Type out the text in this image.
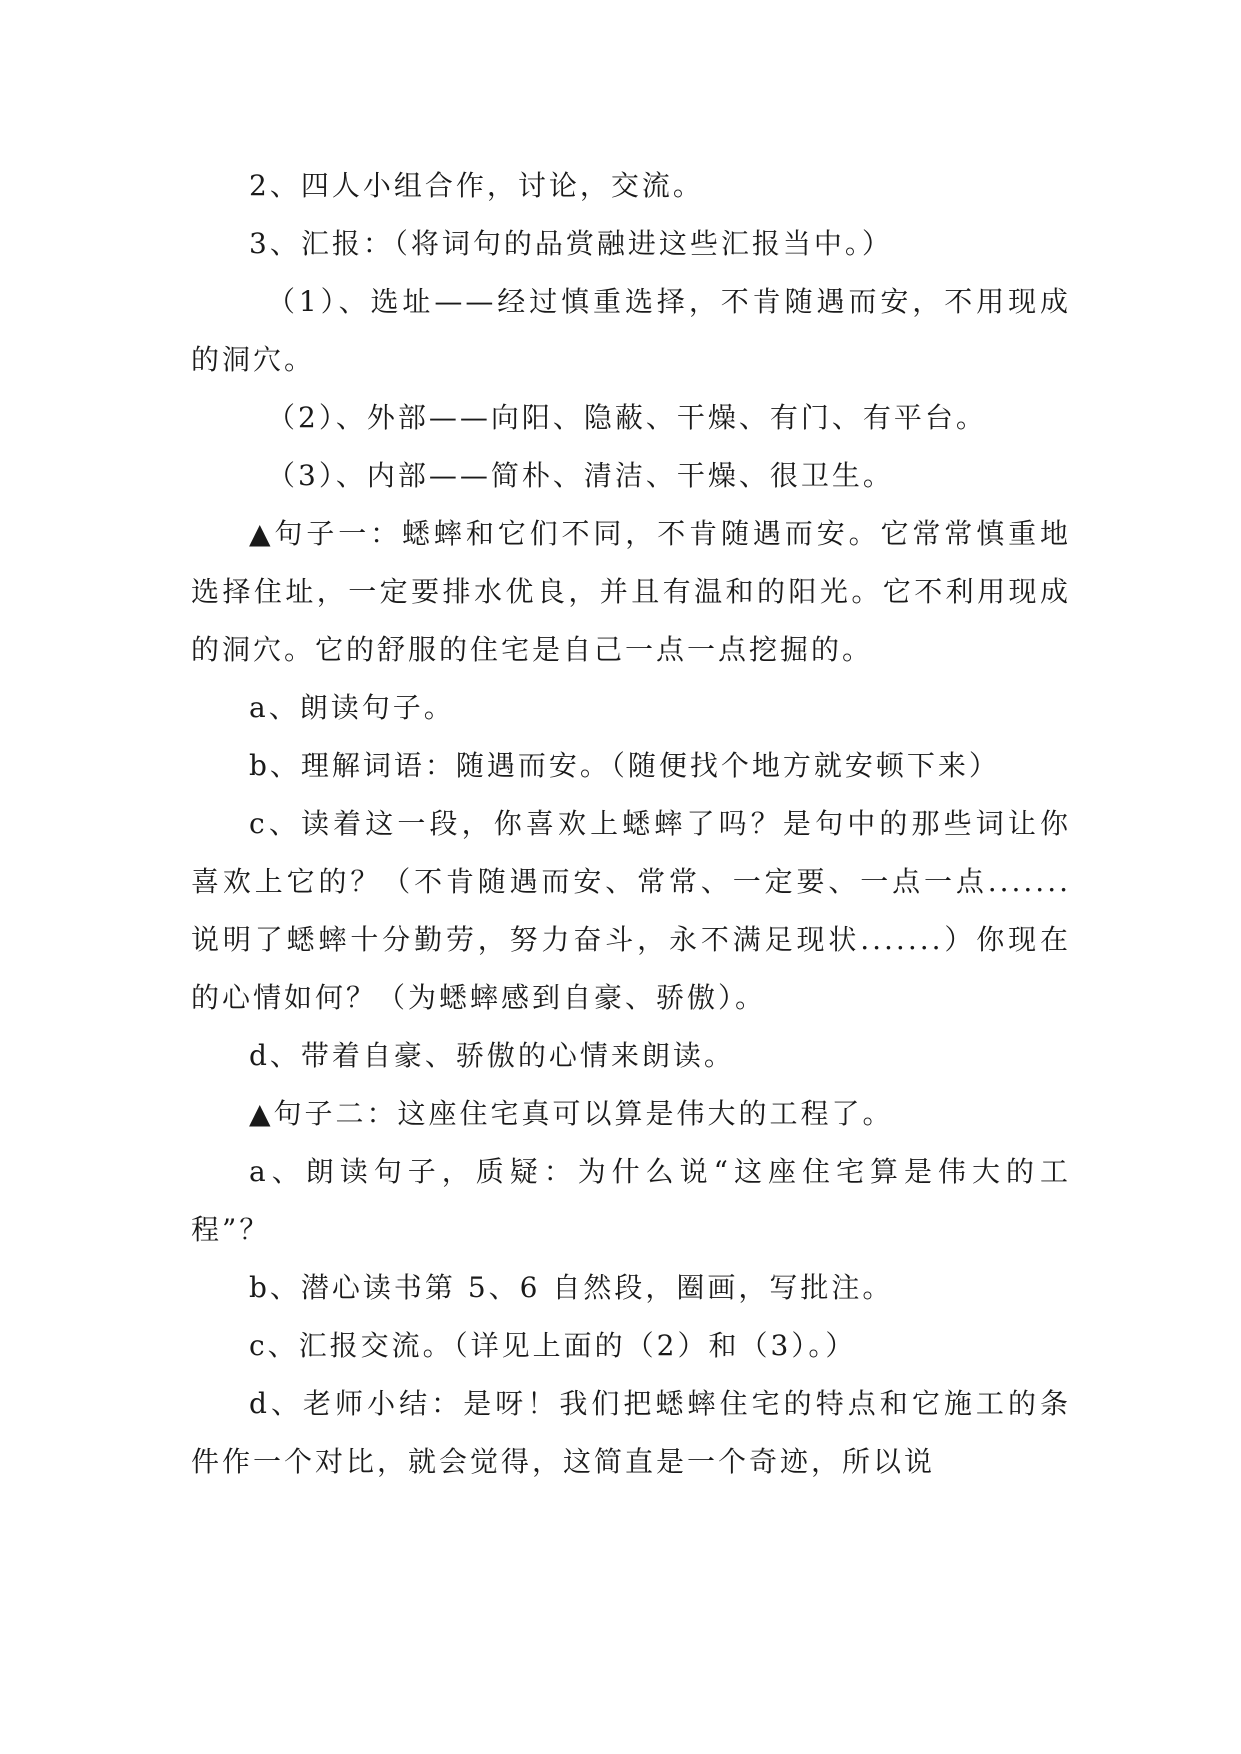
2、四人小组合作，讨论，交流。

3、汇报：（将词句的品赏融进这些汇报当中。）

（1）、选址——经过慎重选择，不肯随遇而安，不用现成的洞穴。

（2）、外部——向阳、隐蔽、干燥、有门、有平台。

（3）、内部——简朴、清洁、干燥、很卫生。

▲句子一：蟋蟀和它们不同，不肯随遇而安。它常常慎重地选择住址，一定要排水优良，并且有温和的阳光。它不利用现成的洞穴。它的舒服的住宅是自己一点一点挖掘的。

a、朗读句子。

b、理解词语：随遇而安。（随便找个地方就安顿下来）

c、读着这一段，你喜欢上蟋蟀了吗？是句中的那些词让你喜欢上它的？（不肯随遇而安、常常、一定要、一点一点.......说明了蟋蟀十分勤劳，努力奋斗，永不满足现状.......）你现在的心情如何？（为蟋蟀感到自豪、骄傲）。

d、带着自豪、骄傲的心情来朗读。

▲句子二：这座住宅真可以算是伟大的工程了。

a、朗读句子，质疑：为什么说“这座住宅算是伟大的工程”？

b、潜心读书第 5、6 自然段，圈画，写批注。

c、汇报交流。（详见上面的（2）和（3）。）

d、老师小结：是呀！我们把蟋蟀住宅的特点和它施工的条件作一个对比，就会觉得，这简直是一个奇迹，所以说
